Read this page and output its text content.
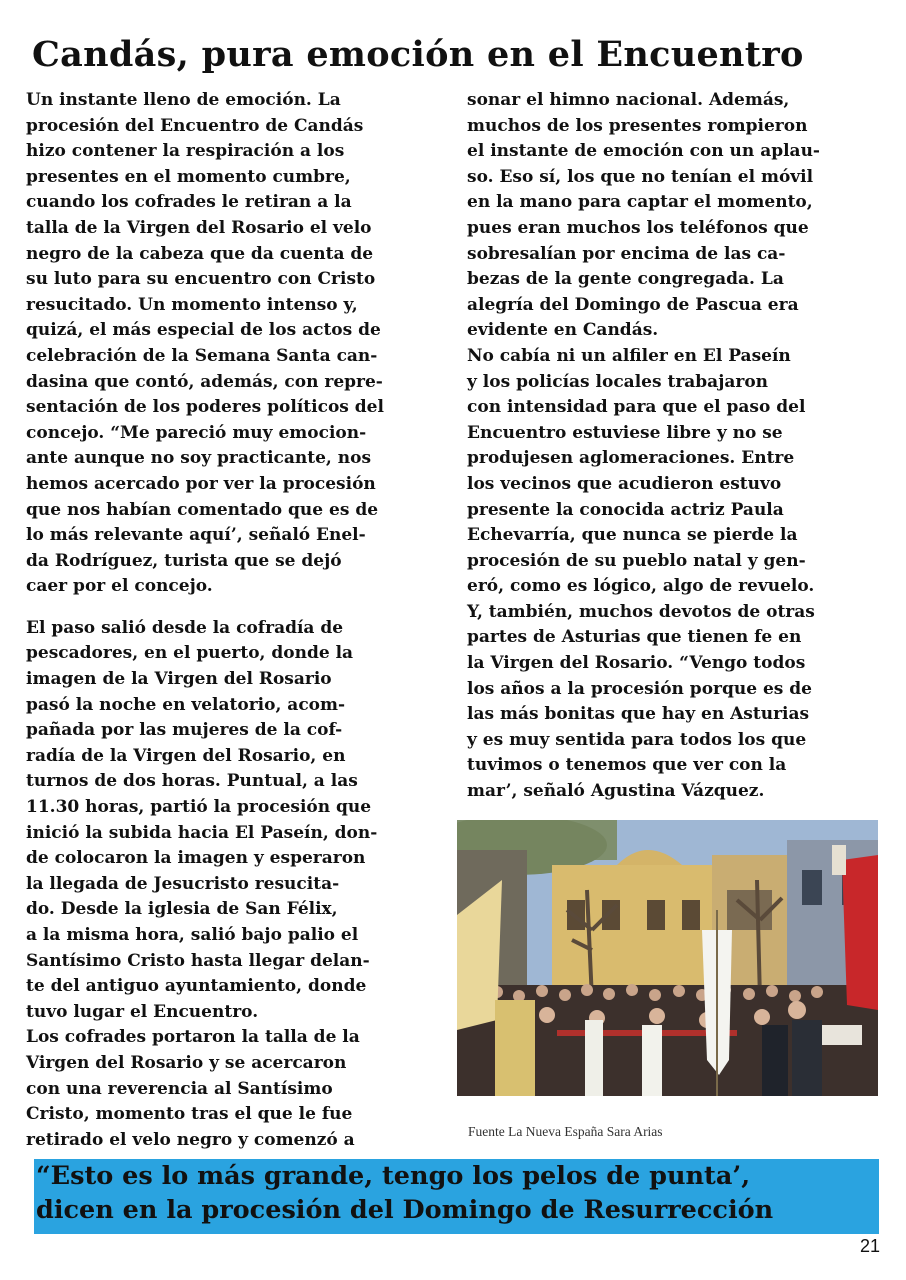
Candás, pura emoción en el Encuentro

Un instante lleno de emoción. La
procesión del Encuentro de Candás
hizo contener la respiración a los
presentes en el momento cumbre,
cuando los cofrades le retiran a la
talla de la Virgen del Rosario el velo
negro de la cabeza que da cuenta de
su luto para su encuentro con Cristo
resucitado. Un momento intenso y,
quizá, el más especial de los actos de
celebración de la Semana Santa can-
dasina que contó, además, con repre-
sentación de los poderes políticos del
concejo. “Me pareció muy emocion-
ante aunque no soy practicante, nos
hemos acercado por ver la procesión
que nos habían comentado que es de
lo más relevante aquí’, señaló Enel-
da Rodríguez, turista que se dejó
caer por el concejo.

El paso salió desde la cofradía de
pescadores, en el puerto, donde la
imagen de la Virgen del Rosario
pasó la noche en velatorio, acom-
pañada por las mujeres de la cof-
radía de la Virgen del Rosario, en
turnos de dos horas. Puntual, a las
11.30 horas, partió la procesión que
inició la subida hacia El Paseín, don-
de colocaron la imagen y esperaron
la llegada de Jesucristo resucita-
do. Desde la iglesia de San Félix,
a la misma hora, salió bajo palio el
Santísimo Cristo hasta llegar delan-
te del antiguo ayuntamiento, donde
tuvo lugar el Encuentro.
Los cofrades portaron la talla de la
Virgen del Rosario y se acercaron
con una reverencia al Santísimo
Cristo, momento tras el que le fue
retirado el velo negro y comenzó a

sonar el himno nacional. Además,
muchos de los presentes rompieron
el instante de emoción con un aplau-
so. Eso sí, los que no tenían el móvil
en la mano para captar el momento,
pues eran muchos los teléfonos que
sobresalían por encima de las ca-
bezas de la gente congregada. La
alegría del Domingo de Pascua era
evidente en Candás.
No cabía ni un alfiler en El Paseín
y los policías locales trabajaron
con intensidad para que el paso del
Encuentro estuviese libre y no se
produjesen aglomeraciones. Entre
los vecinos que acudieron estuvo
presente la conocida actriz Paula
Echevarría, que nunca se pierde la
procesión de su pueblo natal y gen-
eró, como es lógico, algo de revuelo.
Y, también, muchos devotos de otras
partes de Asturias que tienen fe en
la Virgen del Rosario. “Vengo todos
los años a la procesión porque es de
las más bonitas que hay en Asturias
y es muy sentida para todos los que
tuvimos o tenemos que ver con la
mar’, señaló Agustina Vázquez.

Fuente La Nueva España Sara Arias
“Esto es lo más grande, tengo los pelos de punta’,
dicen en la procesión del Domingo de Resurrección
21
